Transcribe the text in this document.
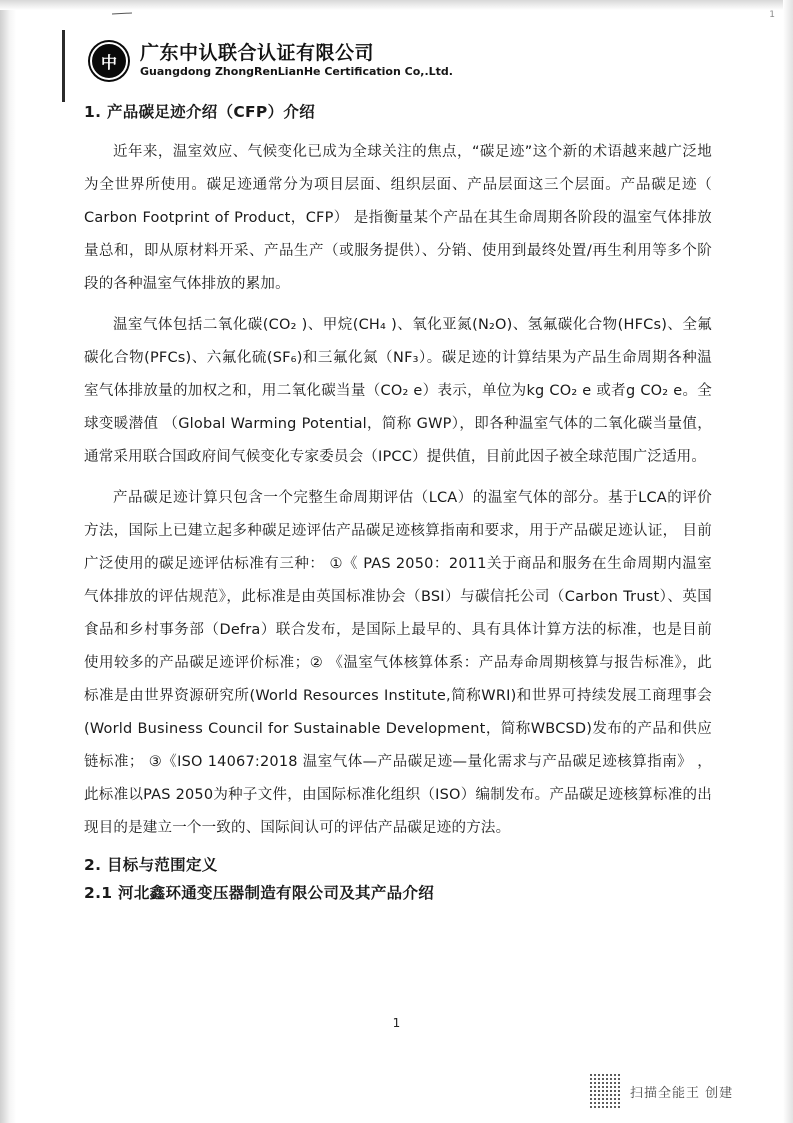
1
中	广东中认联合认证有限公司
Guangdong ZhongRenLianHe Certification Co,.Ltd.
1. 产品碳足迹介绍（CFP）介绍

近年来，温室效应、气候变化已成为全球关注的焦点，“碳足迹”这个新的术语越来越广泛地为全世界所使用。碳足迹通常分为项目层面、组织层面、产品层面这三个层面。产品碳足迹（ Carbon Footprint of Product，CFP） 是指衡量某个产品在其生命周期各阶段的温室气体排放量总和，即从原材料开采、产品生产（或服务提供）、分销、使用到最终处置/再生利用等多个阶段的各种温室气体排放的累加。

温室气体包括二氧化碳(CO₂ )、甲烷(CH₄ )、氧化亚氮(N₂O)、氢氟碳化合物(HFCs)、全氟碳化合物(PFCs)、六氟化硫(SF₆)和三氟化氮（NF₃）。碳足迹的计算结果为产品生命周期各种温室气体排放量的加权之和，用二氧化碳当量（CO₂ e）表示，单位为kg CO₂ e 或者g CO₂ e。全球变暖潜值 （Global Warming Potential，简称 GWP），即各种温室气体的二氧化碳当量值，通常采用联合国政府间气候变化专家委员会（IPCC）提供值，目前此因子被全球范围广泛适用。

产品碳足迹计算只包含一个完整生命周期评估（LCA）的温室气体的部分。基于LCA的评价方法，国际上已建立起多种碳足迹评估产品碳足迹核算指南和要求，用于产品碳足迹认证， 目前广泛使用的碳足迹评估标准有三种： ①《 PAS 2050：2011关于商品和服务在生命周期内温室气体排放的评估规范》，此标准是由英国标准协会（BSI）与碳信托公司（Carbon Trust）、英国食品和乡村事务部（Defra）联合发布，是国际上最早的、具有具体计算方法的标准，也是目前使用较多的产品碳足迹评价标准；② 《温室气体核算体系：产品寿命周期核算与报告标准》，此标准是由世界资源研究所(World Resources Institute,简称WRI)和世界可持续发展工商理事会(World Business Council for Sustainable Development，简称WBCSD)发布的产品和供应链标准； ③《ISO 14067:2018 温室气体—产品碳足迹—量化需求与产品碳足迹核算指南》 ，此标准以PAS 2050为种子文件，由国际标准化组织（ISO）编制发布。产品碳足迹核算标准的出现目的是建立一个一致的、国际间认可的评估产品碳足迹的方法。

2. 目标与范围定义
2.1 河北鑫环通变压器制造有限公司及其产品介绍
1
扫描全能王 创建
